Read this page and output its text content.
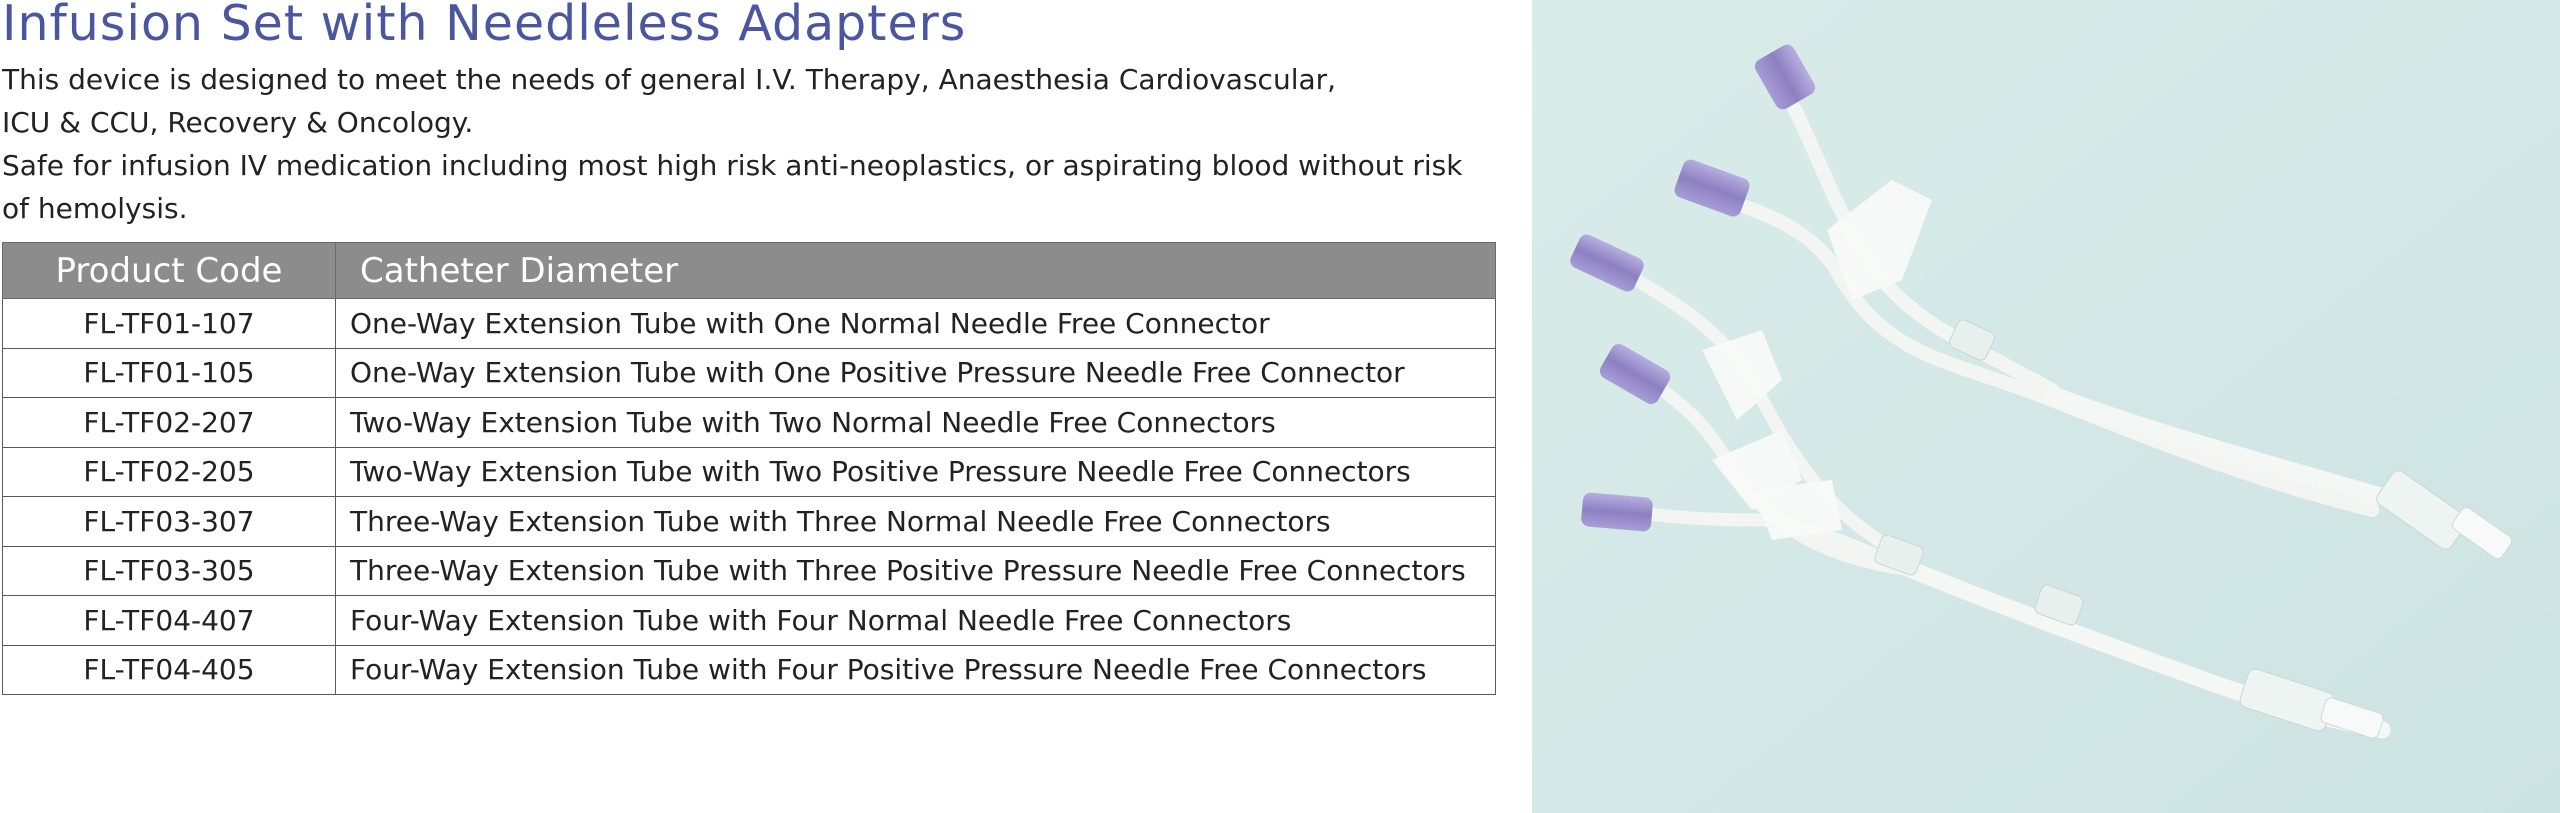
Infusion Set with Needleless Adapters

This device is designed to meet the needs of general I.V. Therapy, Anaesthesia Cardiovascular,

ICU & CCU, Recovery & Oncology.

Safe for infusion IV medication including most high risk anti-neoplastics, or aspirating blood without risk

of hemolysis.

Product Code	Catheter Diameter
FL-TF01-107	One-Way Extension Tube with One Normal Needle Free Connector
FL-TF01-105	One-Way Extension Tube with One Positive Pressure Needle Free Connector
FL-TF02-207	Two-Way Extension Tube with Two Normal Needle Free Connectors
FL-TF02-205	Two-Way Extension Tube with Two Positive Pressure Needle Free Connectors
FL-TF03-307	Three-Way Extension Tube with Three Normal Needle Free Connectors
FL-TF03-305	Three-Way Extension Tube with Three Positive Pressure Needle Free Connectors
FL-TF04-407	Four-Way Extension Tube with Four Normal Needle Free Connectors
FL-TF04-405	Four-Way Extension Tube with Four Positive Pressure Needle Free Connectors
